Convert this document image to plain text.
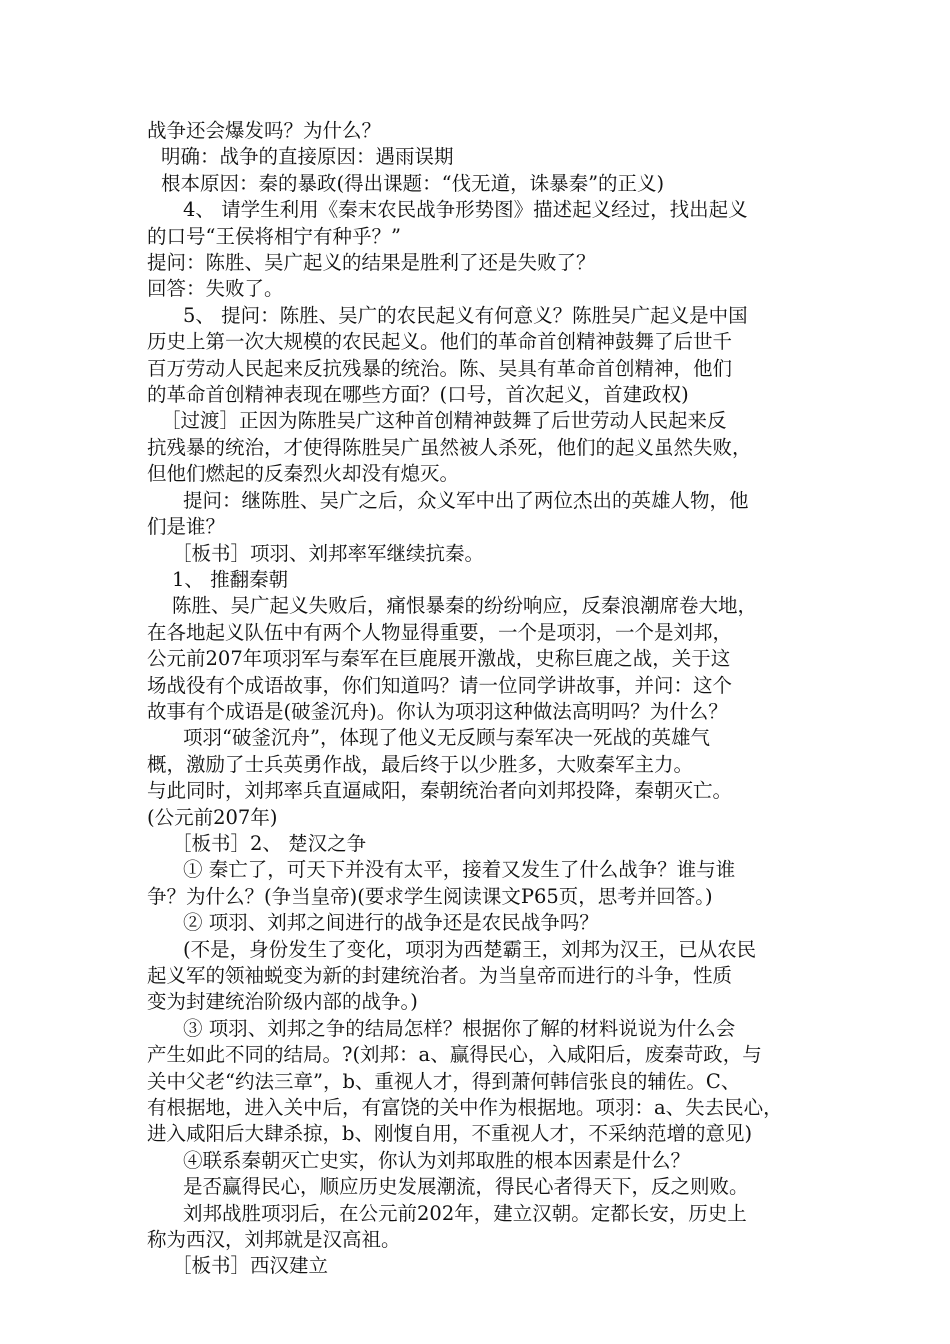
战争还会爆发吗？为什么？
明确：战争的直接原因：遇雨误期
根本原因：秦的暴政(得出课题：“伐无道，诛暴秦”的正义)
4、 请学生利用《秦末农民战争形势图》描述起义经过，找出起义
的口号“王侯将相宁有种乎？”
提问：陈胜、吴广起义的结果是胜利了还是失败了？
回答：失败了。
5、 提问：陈胜、吴广的农民起义有何意义？陈胜吴广起义是中国
历史上第一次大规模的农民起义。他们的革命首创精神鼓舞了后世千
百万劳动人民起来反抗残暴的统治。陈、吴具有革命首创精神，他们
的革命首创精神表现在哪些方面？(口号，首次起义，首建政权)
［过渡］正因为陈胜吴广这种首创精神鼓舞了后世劳动人民起来反
抗残暴的统治，才使得陈胜吴广虽然被人杀死，他们的起义虽然失败，
但他们燃起的反秦烈火却没有熄灭。
提问：继陈胜、吴广之后，众义军中出了两位杰出的英雄人物，他
们是谁？
［板书］项羽、刘邦率军继续抗秦。
1、 推翻秦朝
陈胜、吴广起义失败后，痛恨暴秦的纷纷响应，反秦浪潮席卷大地，
在各地起义队伍中有两个人物显得重要，一个是项羽，一个是刘邦，
公元前207年项羽军与秦军在巨鹿展开激战，史称巨鹿之战，关于这
场战役有个成语故事，你们知道吗？请一位同学讲故事，并问：这个
故事有个成语是(破釜沉舟)。你认为项羽这种做法高明吗？为什么？
项羽“破釜沉舟”，体现了他义无反顾与秦军决一死战的英雄气
概，激励了士兵英勇作战，最后终于以少胜多，大败秦军主力。
与此同时，刘邦率兵直逼咸阳，秦朝统治者向刘邦投降，秦朝灭亡。
(公元前207年)
［板书］2、 楚汉之争
① 秦亡了，可天下并没有太平，接着又发生了什么战争？谁与谁
争？为什么？(争当皇帝)(要求学生阅读课文P65页，思考并回答。)
② 项羽、刘邦之间进行的战争还是农民战争吗？
(不是，身份发生了变化，项羽为西楚霸王，刘邦为汉王，已从农民
起义军的领袖蜕变为新的封建统治者。为当皇帝而进行的斗争，性质
变为封建统治阶级内部的战争。)
③ 项羽、刘邦之争的结局怎样？根据你了解的材料说说为什么会
产生如此不同的结局。?(刘邦：a、赢得民心，入咸阳后，废秦苛政，与
关中父老“约法三章”，b、重视人才，得到萧何韩信张良的辅佐。C、
有根据地，进入关中后，有富饶的关中作为根据地。项羽：a、失去民心，
进入咸阳后大肆杀掠，b、刚愎自用，不重视人才，不采纳范增的意见)
④联系秦朝灭亡史实，你认为刘邦取胜的根本因素是什么？
是否赢得民心，顺应历史发展潮流，得民心者得天下，反之则败。
刘邦战胜项羽后，在公元前202年，建立汉朝。定都长安，历史上
称为西汉，刘邦就是汉高祖。
［板书］西汉建立
